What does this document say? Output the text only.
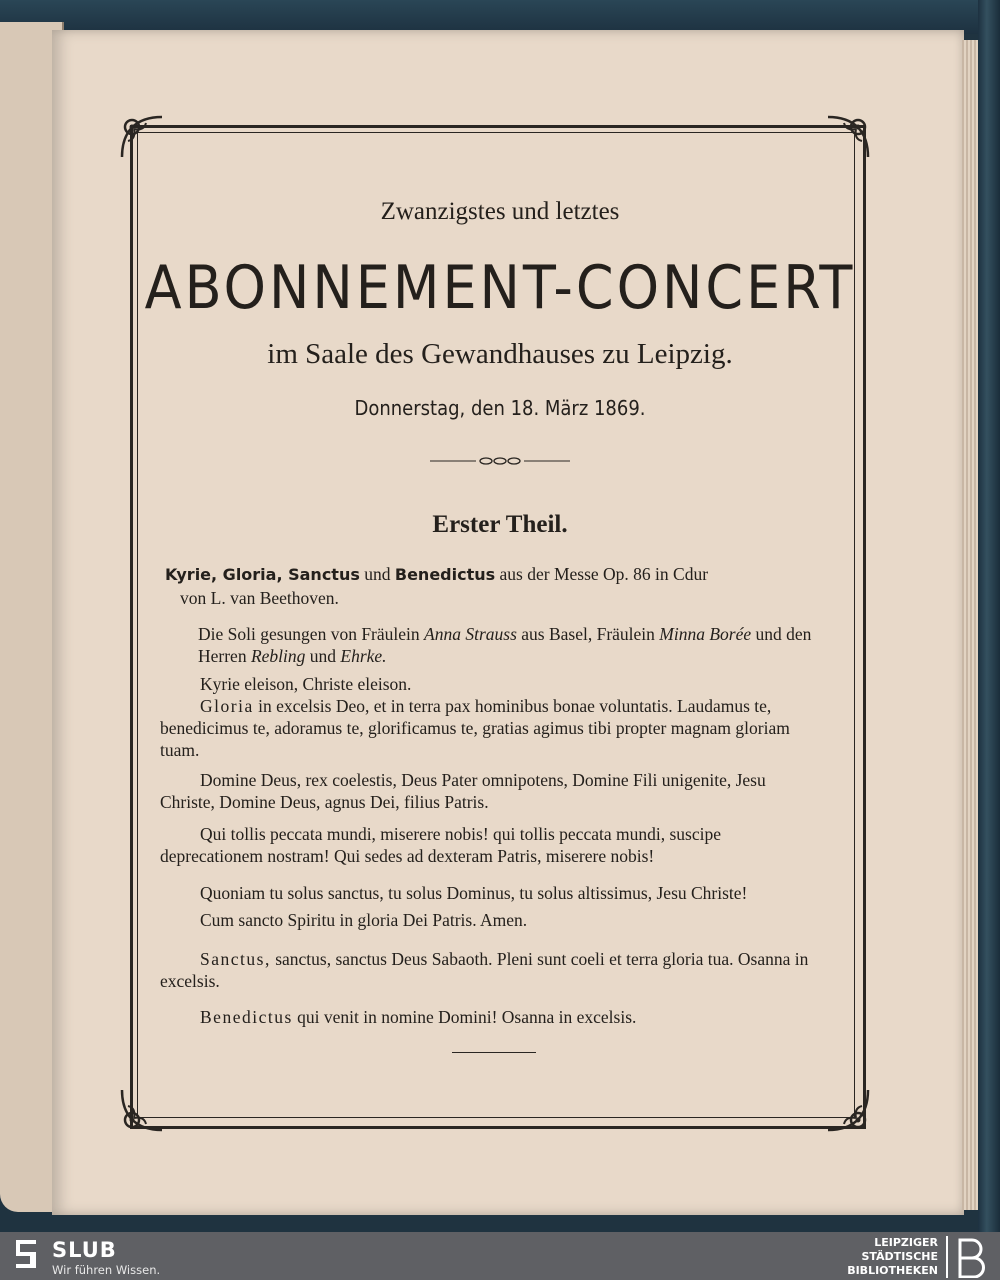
Zwanzigstes und letztes
ABONNEMENT-CONCERT
im Saale des Gewandhauses zu Leipzig.
Donnerstag, den 18. März 1869.
Erster Theil.
Kyrie, Gloria, Sanctus und Benedictus aus der Messe Op. 86 in Cdur
von L. van Beethoven.
Die Soli gesungen von Fräulein Anna Strauss aus Basel, Fräulein Minna Borée und den Herren Rebling und Ehrke.
Kyrie eleison, Christe eleison.
Gloria in excelsis Deo, et in terra pax hominibus bonae voluntatis. Laudamus te, benedicimus te, adoramus te, glorificamus te, gratias agimus tibi propter magnam gloriam tuam.
Domine Deus, rex coelestis, Deus Pater omnipotens, Domine Fili unigenite, Jesu Christe, Domine Deus, agnus Dei, filius Patris.
Qui tollis peccata mundi, miserere nobis! qui tollis peccata mundi, suscipe deprecationem nostram! Qui sedes ad dexteram Patris, miserere nobis!
Quoniam tu solus sanctus, tu solus Dominus, tu solus altissimus, Jesu Christe!
Cum sancto Spiritu in gloria Dei Patris. Amen.
Sanctus, sanctus, sanctus Deus Sabaoth. Pleni sunt coeli et terra gloria tua. Osanna in excelsis.
Benedictus qui venit in nomine Domini! Osanna in excelsis.
SLUB
Wir führen Wissen.
LEIPZIGER
STÄDTISCHE
BIBLIOTHEKEN
